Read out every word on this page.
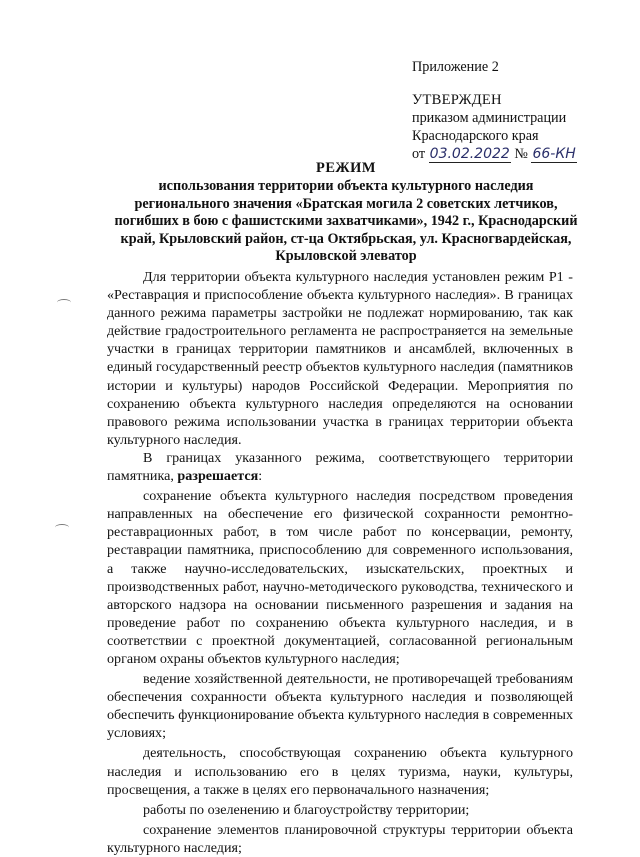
Приложение 2
УТВЕРЖДЕН
приказом администрации
Краснодарского края
от 03.02.2022 № 66-КН
РЕЖИМ
использования территории объекта культурного наследия
регионального значения «Братская могила 2 советских летчиков,
погибших в бою с фашистскими захватчиками», 1942 г., Краснодарский
край, Крыловский район, ст-ца Октябрьская, ул. Красногвардейская,
Крыловской элеватор

Для территории объекта культурного наследия установлен режим Р1 - «Реставрация и приспособление объекта культурного наследия». В границах данного режима параметры застройки не подлежат нормированию, так как действие градостроительного регламента не распространяется на земельные участки в границах территории памятников и ансамблей, включенных в единый государственный реестр объектов культурного наследия (памятников истории и культуры) народов Российской Федерации. Мероприятия по сохранению объекта культурного наследия определяются на основании правового режима использовании участка в границах территории объекта культурного наследия.

В границах указанного режима, соответствующего территории памятника, разрешается:

сохранение объекта культурного наследия посредством проведения направленных на обеспечение его физической сохранности ремонтно-реставрационных работ, в том числе работ по консервации, ремонту, реставрации памятника, приспособлению для современного использования, а также научно-исследовательских, изыскательских, проектных и производственных работ, научно-методического руководства, технического и авторского надзора на основании письменного разрешения и задания на проведение работ по сохранению объекта культурного наследия, и в соответствии с проектной документацией, согласованной региональным органом охраны объектов культурного наследия;

ведение хозяйственной деятельности, не противоречащей требованиям обеспечения сохранности объекта культурного наследия и позволяющей обеспечить функционирование объекта культурного наследия в современных условиях;

деятельность, способствующая сохранению объекта культурного наследия и использованию его в целях туризма, науки, культуры, просвещения, а также в целях его первоначального назначения;

работы по озеленению и благоустройству территории;

сохранение элементов планировочной структуры территории объекта культурного наследия;
